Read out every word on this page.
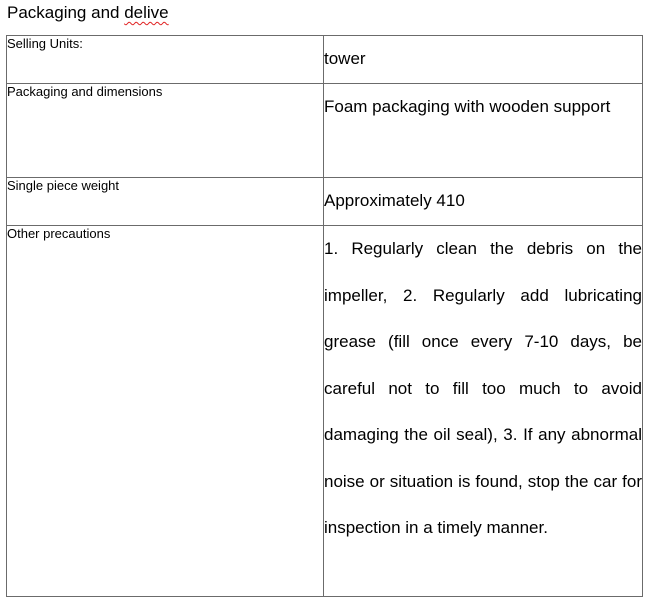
Packaging and delive
Selling Units:	tower
Packaging and dimensions	Foam packaging with wooden support
Single piece weight	Approximately 410
Other precautions	1. Regularly clean the debris on the impeller, 2. Regularly add lubricating grease (fill once every 7-10 days, be careful not to fill too much to avoid damaging the oil seal), 3. If any abnormal noise or situation is found, stop the car for inspection in a timely manner.
